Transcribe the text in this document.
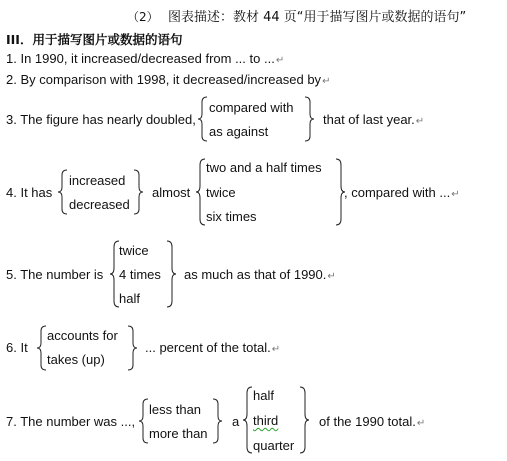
（2） 图表描述：教材 44 页“用于描写图片或数据的语句”
III．用于描写图片或数据的语句
1. In 1990, it increased/decreased from ... to ...↵
2. By comparison with 1998, it decreased/increased by↵
3. The figure has nearly doubled,
compared with
as against
that of last year.↵
4. It has
increased
decreased
almost
two and a half times
twice
six times
, compared with ...↵
5. The number is
twice
4 times
half
as much as that of 1990.↵
6. It
accounts for
takes (up)
... percent of the total.↵
7. The number was ...,
less than
more than
a
half
third
quarter
of the 1990 total.↵
